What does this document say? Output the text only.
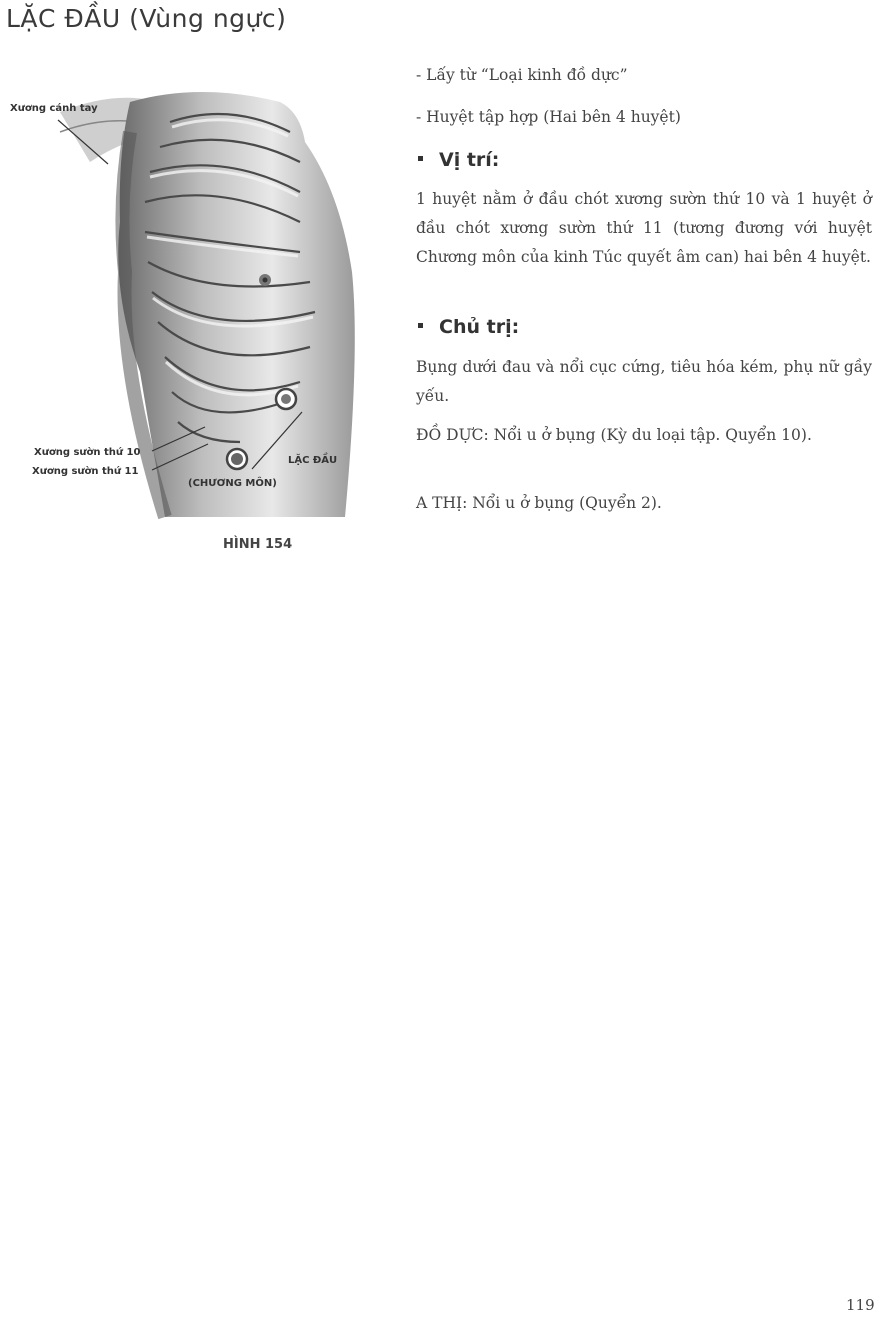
LẶC ĐẦU (Vùng ngực)
Xương cánh tay
Xương sườn thứ 10
Xương sườn thứ 11
LẶC ĐẦU
(CHƯƠNG MÔN)
HÌNH 154
- Lấy từ “Loại kinh đồ dực”
- Huyệt tập hợp (Hai bên 4 huyệt)
Vị trí:
1 huyệt nằm ở đầu chót xương sườn thứ 10 và 1 huyệt ở đầu chót xương sườn thứ 11 (tương đương với huyệt Chương môn của kinh Túc quyết âm can) hai bên 4 huyệt.
Chủ trị:
Bụng dưới đau và nổi cục cứng, tiêu hóa kém, phụ nữ gầy yếu.
ĐỒ DỰC: Nổi u ở bụng (Kỳ du loại tập. Quyển 10).
A THỊ: Nổi u ở bụng (Quyển 2).
119
